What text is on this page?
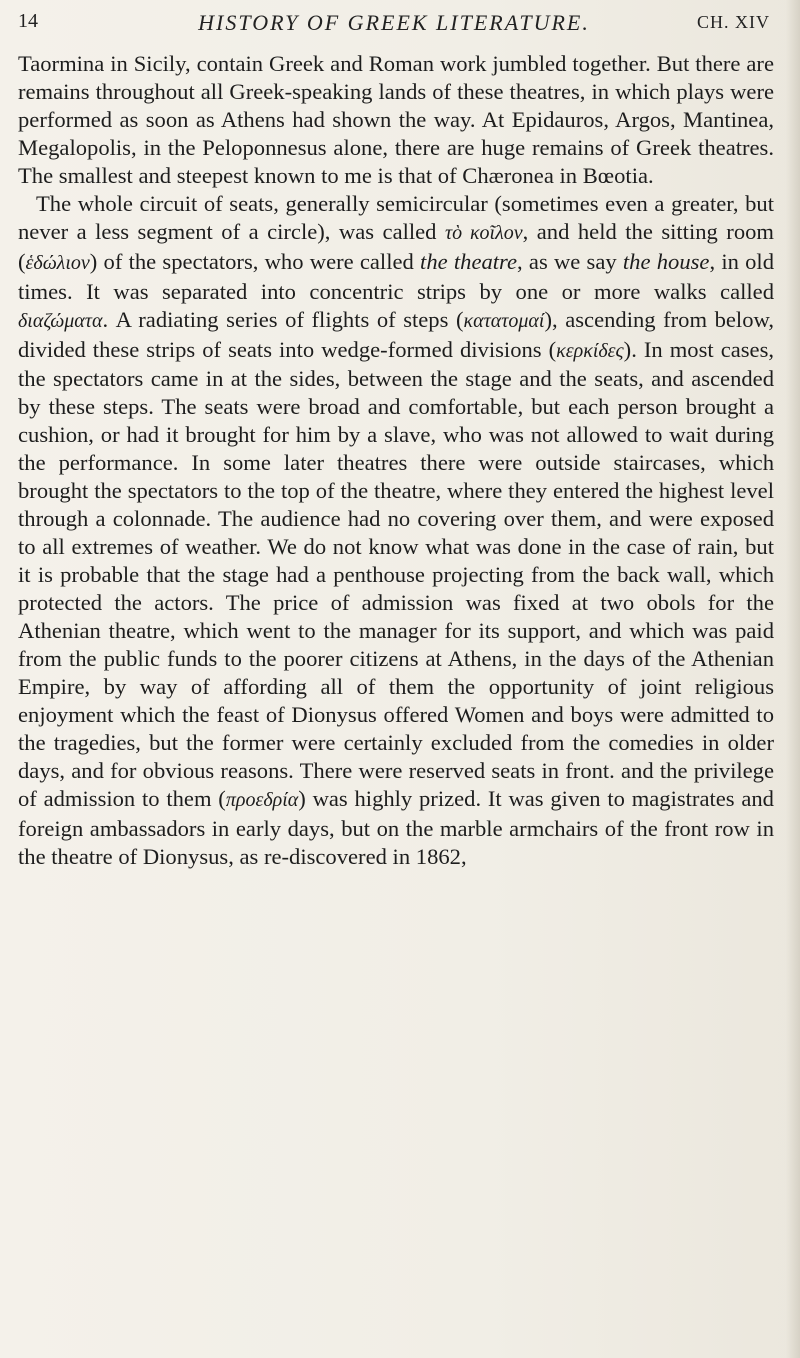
14	HISTORY OF GREEK LITERATURE.	CH. XIV

Taormina in Sicily, contain Greek and Roman work jumbled together. But there are remains throughout all Greek-speaking lands of these theatres, in which plays were performed as soon as Athens had shown the way. At Epidauros, Argos, Mantinea, Megalopolis, in the Peloponnesus alone, there are huge remains of Greek theatres. The smallest and steepest known to me is that of Chæronea in Bœotia.

The whole circuit of seats, generally semicircular (sometimes even a greater, but never a less segment of a circle), was called τὸ κοῖλον, and held the sitting room (ἑδώλιον) of the spectators, who were called the theatre, as we say the house, in old times. It was separated into concentric strips by one or more walks called διαζώματα. A radiating series of flights of steps (κατατομαί), ascending from below, divided these strips of seats into wedge-formed divisions (κερκίδες). In most cases, the spectators came in at the sides, between the stage and the seats, and ascended by these steps. The seats were broad and comfortable, but each person brought a cushion, or had it brought for him by a slave, who was not allowed to wait during the performance. In some later theatres there were outside staircases, which brought the spectators to the top of the theatre, where they entered the highest level through a colonnade. The audience had no covering over them, and were exposed to all extremes of weather. We do not know what was done in the case of rain, but it is probable that the stage had a penthouse projecting from the back wall, which protected the actors. The price of admission was fixed at two obols for the Athenian theatre, which went to the manager for its support, and which was paid from the public funds to the poorer citizens at Athens, in the days of the Athenian Empire, by way of affording all of them the opportunity of joint religious enjoyment which the feast of Dionysus offered Women and boys were admitted to the tragedies, but the former were certainly excluded from the comedies in older days, and for obvious reasons. There were reserved seats in front. and the privilege of admission to them (προεδρία) was highly prized. It was given to magistrates and foreign ambassadors in early days, but on the marble armchairs of the front row in the theatre of Dionysus, as re-discovered in 1862,
